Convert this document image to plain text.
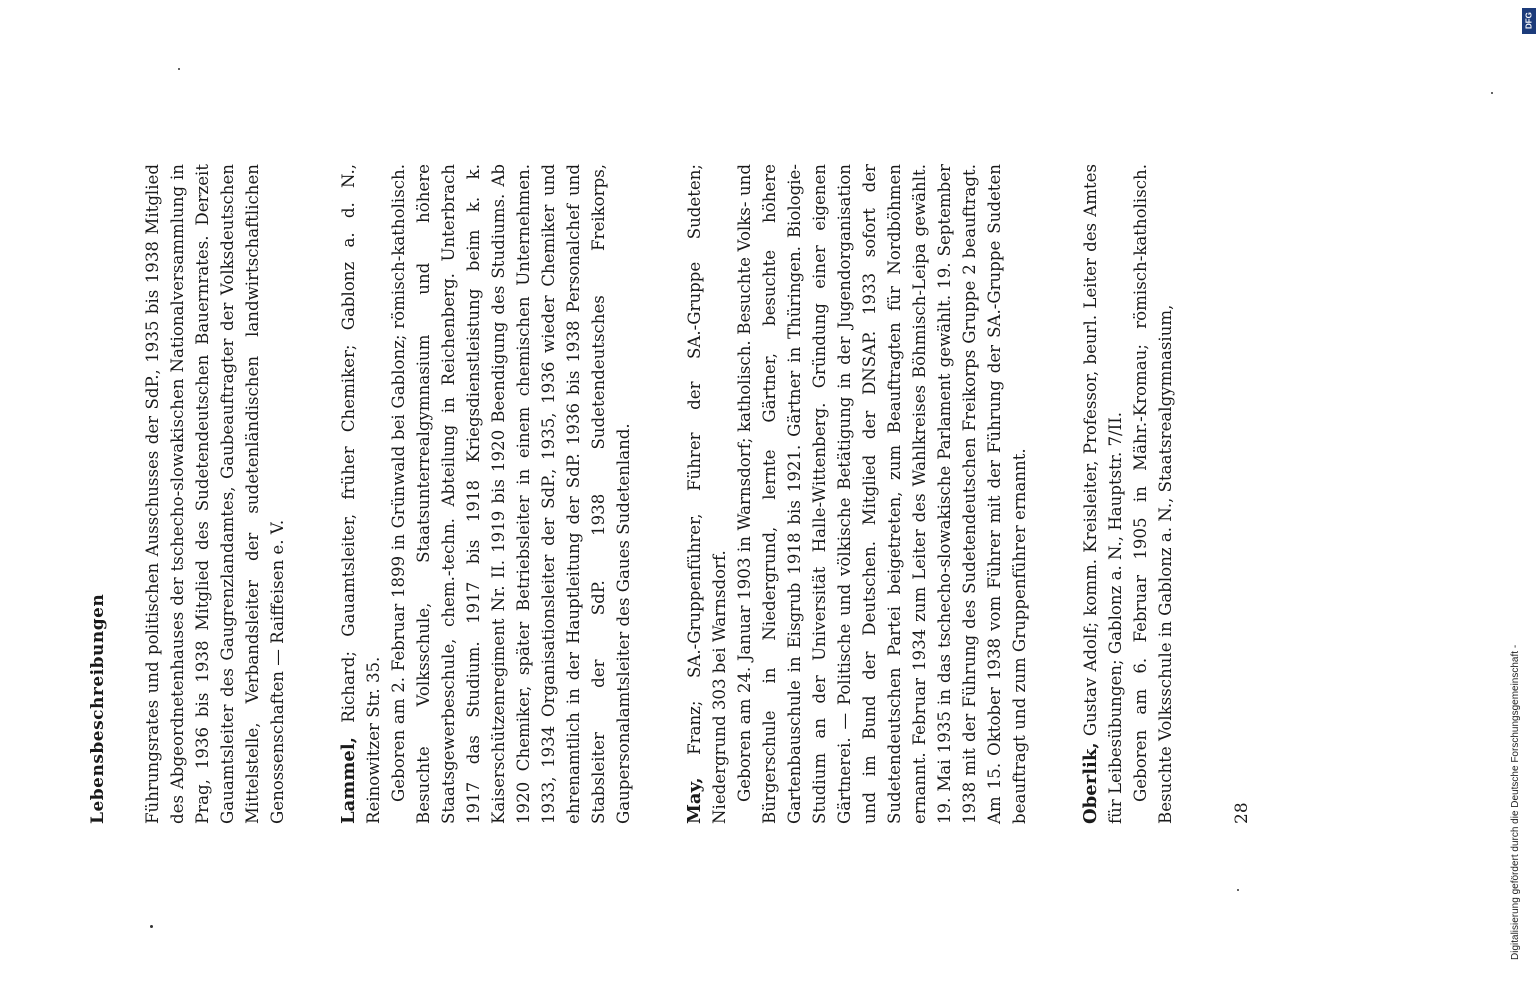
Lebensbeschreibungen Führungsrates und politischen Ausschusses der SdP., 1935 bis 1938 Mitglied des Abgeordnetenhauses der tschecho-slowakischen Nationalversammlung in Prag, 1936 bis 1938 Mitglied des Sudetendeutschen Bauernrates. Derzeit Gauamtsleiter des Gaugrenzlandamtes, Gaubeauftragter der Volksdeutschen Mittelstelle, Verbandsleiter der sudetenländischen landwirtschaftlichen Genossenschaften — Raiffeisen e. V.	Lammel, Richard; Gauamtsleiter, früher Chemiker; Gablonz a. d. N., Reinowitzer Str. 35. Geboren am 2. Februar 1899 in Grünwald bei Gablonz; römisch-katholisch. Besuchte Volksschule, Staatsunterrealgymnasium und höhere Staatsgewerbeschule, chem.-techn. Abteilung in Reichenberg. Unterbrach 1917 das Studium. 1917 bis 1918 Kriegsdienstleistung beim k. k. Kaiserschützenregiment Nr. II. 1919 bis 1920 Beendigung des Studiums. Ab 1920 Chemiker, später Betriebsleiter in einem chemischen Unternehmen. 1933, 1934 Organisationsleiter der SdP., 1935, 1936 wieder Chemiker und ehrenamtlich in der Hauptleitung der SdP. 1936 bis 1938 Personalchef und Stabsleiter der SdP. 1938 Sudetendeutsches Freikorps, Gaupersonalamtsleiter des Gaues Sudetenland.	May, Franz; SA.-Gruppenführer, Führer der SA.-Gruppe Sudeten; Niedergrund 303 bei Warnsdorf. Geboren am 24. Januar 1903 in Warnsdorf; katholisch. Besuchte Volks- und Bürgerschule in Niedergrund, lernte Gärtner, besuchte höhere Gartenbauschule in Eisgrub 1918 bis 1921. Gärtner in Thüringen. Biologie-Studium an der Universität Halle-Wittenberg. Gründung einer eigenen Gärtnerei. — Politische und völkische Betätigung in der Jugendorganisation und im Bund der Deutschen. Mitglied der DNSAP. 1933 sofort der Sudetendeutschen Partei beigetreten, zum Beauftragten für Nordböhmen ernannt. Februar 1934 zum Leiter des Wahlkreises Böhmisch-Leipa gewählt. 19. Mai 1935 in das tschecho-slowakische Parlament gewählt. 19. September 1938 mit der Führung des Sudetendeutschen Freikorps Gruppe 2 beauftragt. Am 15. Oktober 1938 vom Führer mit der Führung der SA.-Gruppe Sudeten beauftragt und zum Gruppenführer ernannt.	Oberlik, Gustav Adolf; komm. Kreisleiter, Professor, beurl. Leiter des Amtes für Leibesübungen; Gablonz a. N., Hauptstr. 7/II. Geboren am 6. Februar 1905 in Mähr.-Kromau; römisch-katholisch. Besuchte Volksschule in Gablonz a. N., Staatsrealgymnasium,	28
DFG
Digitalisierung gefördert durch die Deutsche Forschungsgemeinschaft -
